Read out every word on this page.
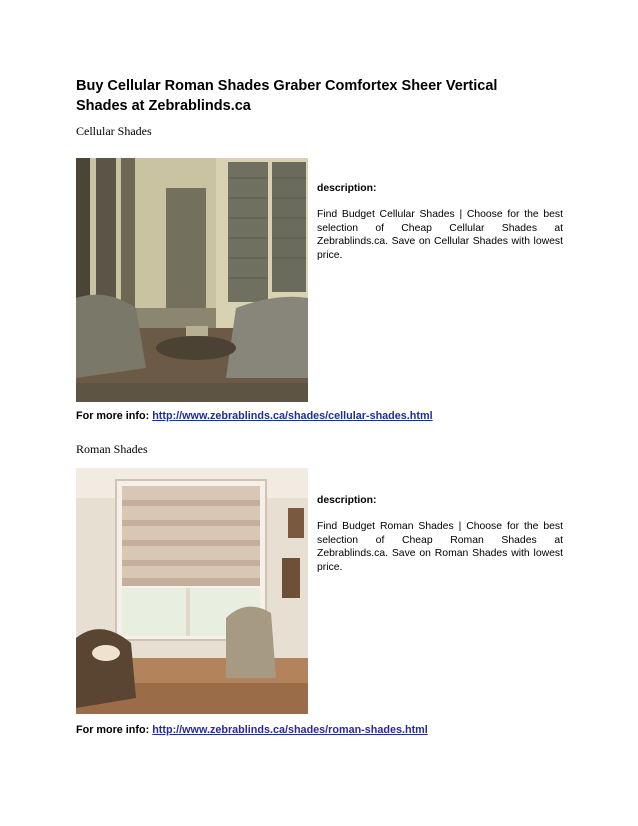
Buy Cellular Roman Shades Graber Comfortex Sheer Vertical Shades at Zebrablinds.ca
Cellular Shades
description:
Find Budget Cellular Shades | Choose for the best selection of Cheap Cellular Shades at Zebrablinds.ca. Save on Cellular Shades with lowest price.
For more info: http://www.zebrablinds.ca/shades/cellular-shades.html
Roman Shades
description:
Find Budget Roman Shades | Choose for the best selection of Cheap Roman Shades at Zebrablinds.ca. Save on Roman Shades with lowest price.
For more info: http://www.zebrablinds.ca/shades/roman-shades.html
